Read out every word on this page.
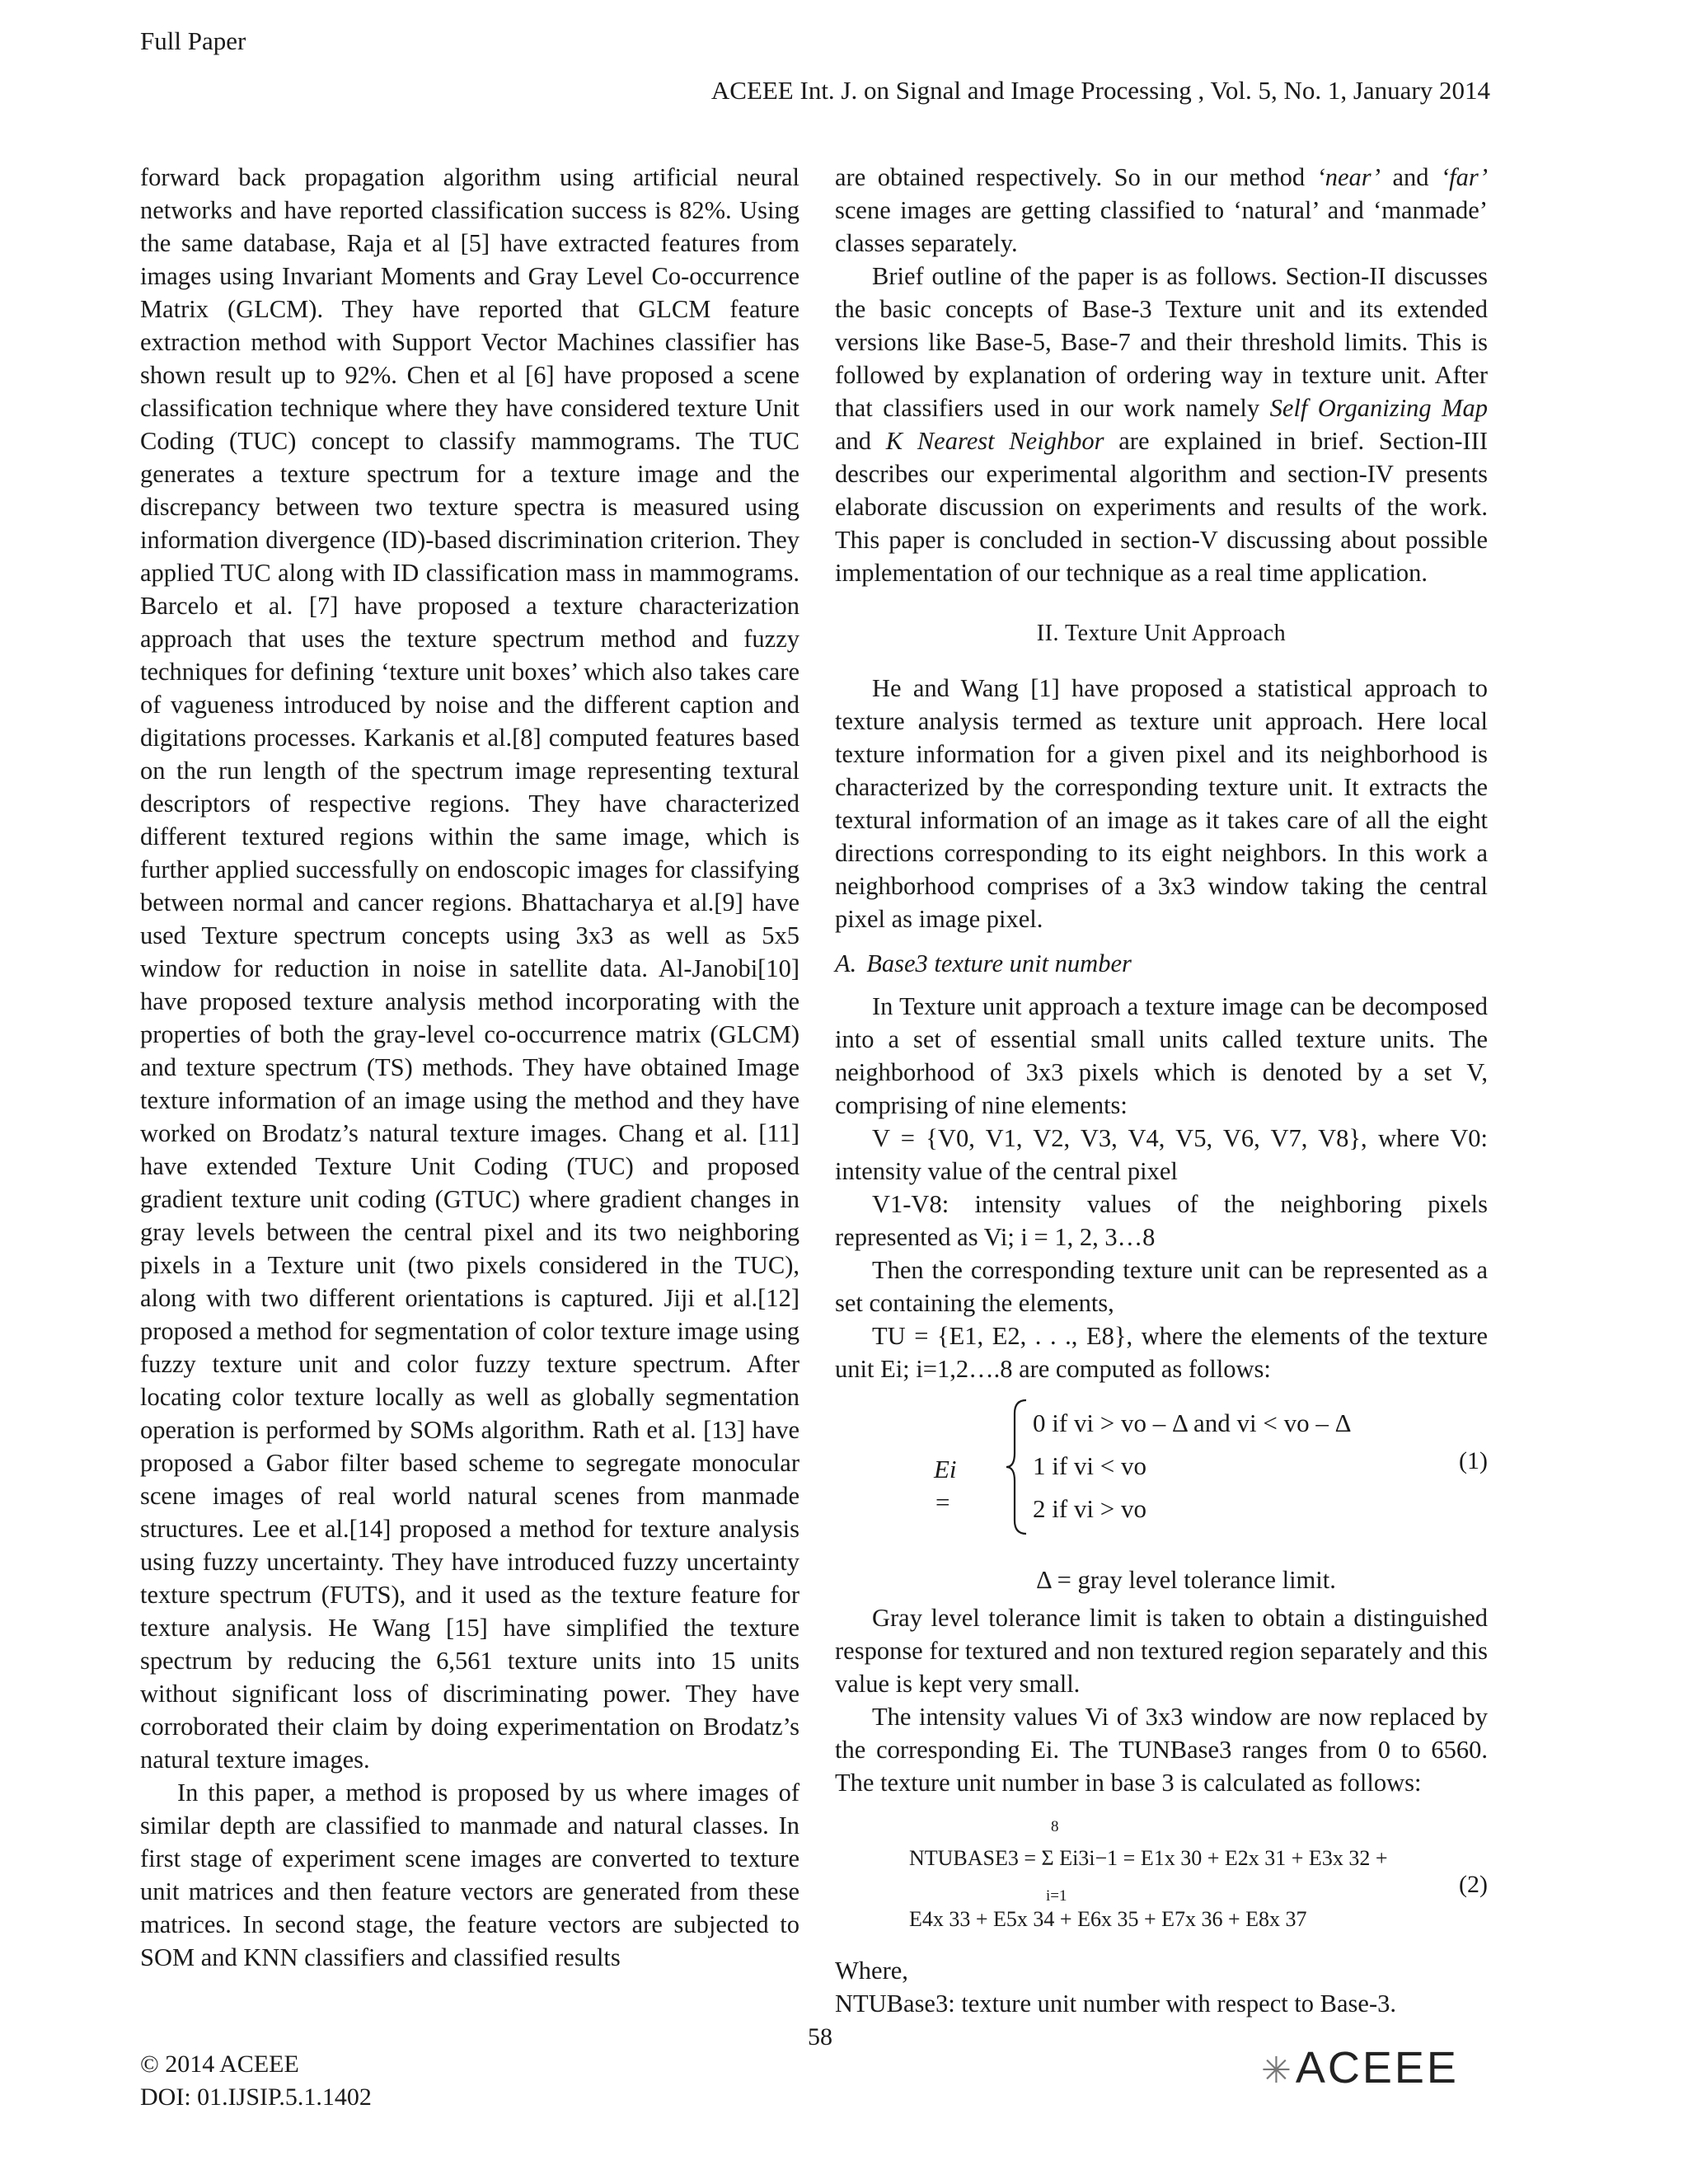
Full Paper
ACEEE Int. J. on Signal and Image Processing , Vol. 5, No. 1, January 2014

forward back propagation algorithm using artificial neural networks and have reported classification success is 82%. Using the same database, Raja et al [5] have extracted features from images using Invariant Moments and Gray Level Co-occurrence Matrix (GLCM). They have reported that GLCM feature extraction method with Support Vector Machines classifier has shown result up to 92%. Chen et al [6] have proposed a scene classification technique where they have considered texture Unit Coding (TUC) concept to classify mammograms. The TUC generates a texture spectrum for a texture image and the discrepancy between two texture spectra is measured using information divergence (ID)-based discrimination criterion. They applied TUC along with ID classification mass in mammograms. Barcelo et al. [7] have proposed a texture characterization approach that uses the texture spectrum method and fuzzy techniques for defining ‘texture unit boxes’ which also takes care of vagueness introduced by noise and the different caption and digitations processes. Karkanis et al.[8] computed features based on the run length of the spectrum image representing textural descriptors of respective regions. They have characterized different textured regions within the same image, which is further applied successfully on endoscopic images for classifying between normal and cancer regions. Bhattacharya et al.[9] have used Texture spectrum concepts using 3x3 as well as 5x5 window for reduction in noise in satellite data. Al-Janobi[10] have proposed texture analysis method incorporating with the properties of both the gray-level co-occurrence matrix (GLCM) and texture spectrum (TS) methods. They have obtained Image texture information of an image using the method and they have worked on Brodatz’s natural texture images. Chang et al. [11] have extended Texture Unit Coding (TUC) and proposed gradient texture unit coding (GTUC) where gradient changes in gray levels between the central pixel and its two neighboring pixels in a Texture unit (two pixels considered in the TUC), along with two different orientations is captured. Jiji et al.[12] proposed a method for segmentation of color texture image using fuzzy texture unit and color fuzzy texture spectrum. After locating color texture locally as well as globally segmentation operation is performed by SOMs algorithm. Rath et al. [13] have proposed a Gabor filter based scheme to segregate monocular scene images of real world natural scenes from manmade structures. Lee et al.[14] proposed a method for texture analysis using fuzzy uncertainty. They have introduced fuzzy uncertainty texture spectrum (FUTS), and it used as the texture feature for texture analysis. He Wang [15] have simplified the texture spectrum by reducing the 6,561 texture units into 15 units without significant loss of discriminating power. They have corroborated their claim by doing experimentation on Brodatz’s natural texture images.

In this paper, a method is proposed by us where images of similar depth are classified to manmade and natural classes. In first stage of experiment scene images are converted to texture unit matrices and then feature vectors are generated from these matrices. In second stage, the feature vectors are subjected to SOM and KNN classifiers and classified results

are obtained respectively. So in our method ‘near’ and ‘far’ scene images are getting classified to ‘natural’ and ‘manmade’ classes separately.

Brief outline of the paper is as follows. Section-II discusses the basic concepts of Base-3 Texture unit and its extended versions like Base-5, Base-7 and their threshold limits. This is followed by explanation of ordering way in texture unit. After that classifiers used in our work namely Self Organizing Map and K Nearest Neighbor are explained in brief. Section-III describes our experimental algorithm and section-IV presents elaborate discussion on experiments and results of the work. This paper is concluded in section-V discussing about possible implementation of our technique as a real time application.

II. Texture Unit Approach

He and Wang [1] have proposed a statistical approach to texture analysis termed as texture unit approach. Here local texture information for a given pixel and its neighborhood is characterized by the corresponding texture unit. It extracts the textural information of an image as it takes care of all the eight directions corresponding to its eight neighbors. In this work a neighborhood comprises of a 3x3 window taking the central pixel as image pixel.

A. Base3 texture unit number

In Texture unit approach a texture image can be decomposed into a set of essential small units called texture units. The neighborhood of 3x3 pixels which is denoted by a set V, comprising of nine elements:

V = {V0, V1, V2, V3, V4, V5, V6, V7, V8}, where V0: intensity value of the central pixel

V1-V8: intensity values of the neighboring pixels represented as Vi; i = 1, 2, 3…8

Then the corresponding texture unit can be represented as a set containing the elements,

TU = {E1, E2, . . ., E8}, where the elements of the texture unit Ei; i=1,2….8 are computed as follows:

Ei =
0 if vi > vo – Δ and vi < vo – Δ
1 if vi < vo
2 if vi > vo
(1)
Δ = gray level tolerance limit.

Gray level tolerance limit is taken to obtain a distinguished response for textured and non textured region separately and this value is kept very small.

The intensity values Vi of 3x3 window are now replaced by the corresponding Ei. The TUNBase3 ranges from 0 to 6560. The texture unit number in base 3 is calculated as follows:

8
i=1
NTUBASE3 = Σ Ei3i−1 = E1x 30 + E2x 31 + E3x 32 +
E4x 33 + E5x 34 + E6x 35 + E7x 36 + E8x 37
(2)

Where,

NTUBase3: texture unit number with respect to Base-3.

© 2014 ACEEE
DOI: 01.IJSIP.5.1.1402
58
✳ACEEE
